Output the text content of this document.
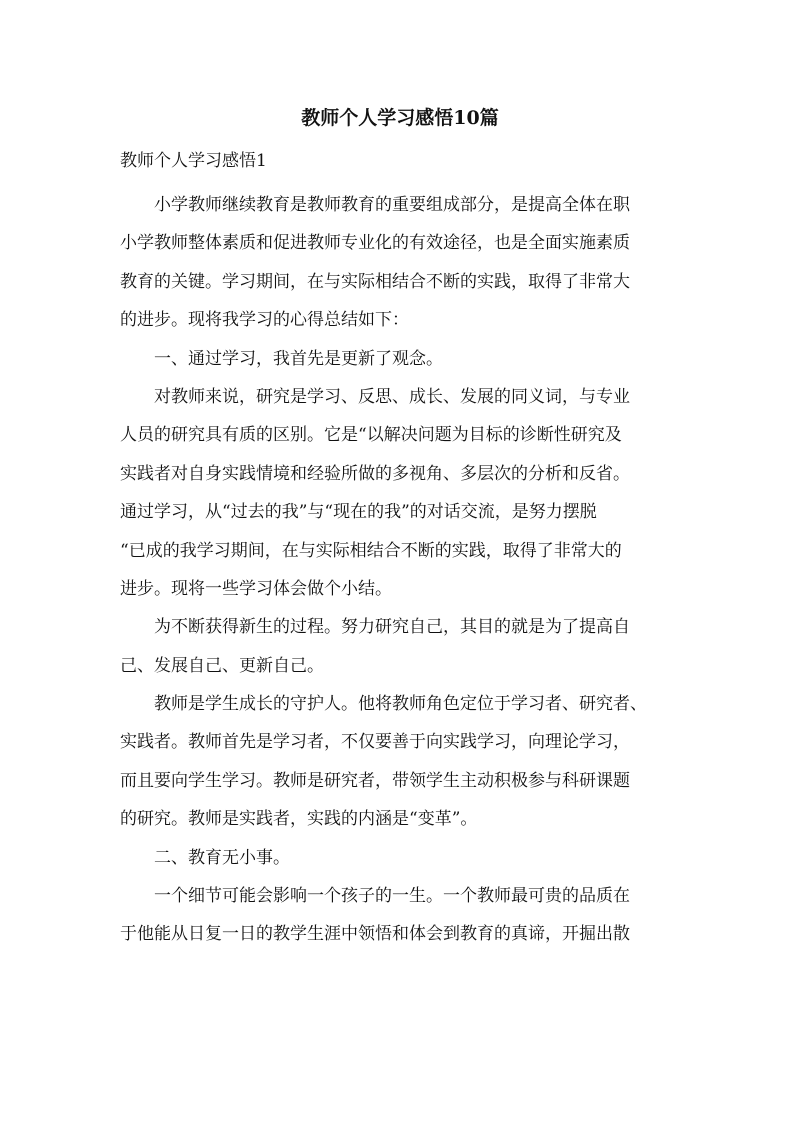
教师个人学习感悟10篇
教师个人学习感悟1
　　小学教师继续教育是教师教育的重要组成部分，是提高全体在职
小学教师整体素质和促进教师专业化的有效途径，也是全面实施素质
教育的关键。学习期间，在与实际相结合不断的实践，取得了非常大
的进步。现将我学习的心得总结如下：
　　一、通过学习，我首先是更新了观念。
　　对教师来说，研究是学习、反思、成长、发展的同义词，与专业
人员的研究具有质的区别。它是“以解决问题为目标的诊断性研究及
实践者对自身实践情境和经验所做的多视角、多层次的分析和反省。
通过学习，从“过去的我”与“现在的我”的对话交流，是努力摆脱
“已成的我学习期间，在与实际相结合不断的实践，取得了非常大的
进步。现将一些学习体会做个小结。
　　为不断获得新生的过程。努力研究自己，其目的就是为了提高自
己、发展自己、更新自己。
　　教师是学生成长的守护人。他将教师角色定位于学习者、研究者、
实践者。教师首先是学习者，不仅要善于向实践学习，向理论学习，
而且要向学生学习。教师是研究者，带领学生主动积极参与科研课题
的研究。教师是实践者，实践的内涵是“变革”。
　　二、教育无小事。
　　一个细节可能会影响一个孩子的一生。一个教师最可贵的品质在
于他能从日复一日的教学生涯中领悟和体会到教育的真谛，开掘出散
